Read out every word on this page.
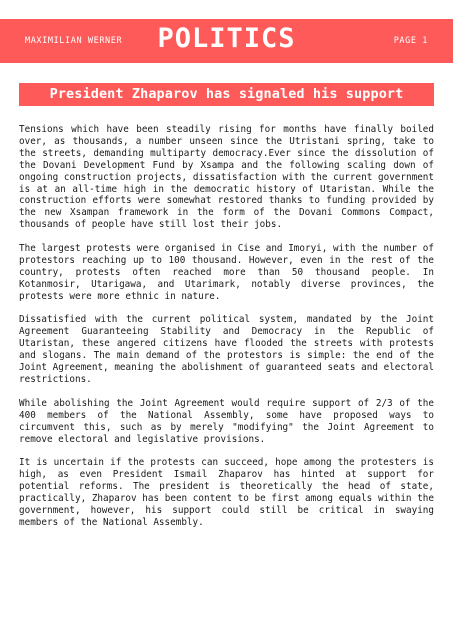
MAXIMILIAN WERNER	POLITICS	PAGE 1
President Zhaparov has signaled his support

Tensions which have been steadily rising for months have finally boiled over, as thousands, a number unseen since the Utristani spring, take to the streets, demanding multiparty democracy.Ever since the dissolution of the Dovani Development Fund by Xsampa and the following scaling down of ongoing construction projects, dissatisfaction with the current government is at an all-time high in the democratic history of Utaristan. While the construction efforts were somewhat restored thanks to funding provided by the new Xsampan framework in the form of the Dovani Commons Compact, thousands of people have still lost their jobs.

The largest protests were organised in Cise and Imoryi, with the number of protestors reaching up to 100 thousand. However, even in the rest of the country, protests often reached more than 50 thousand people. In Kotanmosir, Utarigawa, and Utarimark, notably diverse provinces, the protests were more ethnic in nature.

Dissatisfied with the current political system, mandated by the Joint Agreement Guaranteeing Stability and Democracy in the Republic of Utaristan, these angered citizens have flooded the streets with protests and slogans. The main demand of the protestors is simple: the end of the Joint Agreement, meaning the abolishment of guaranteed seats and electoral restrictions.

While abolishing the Joint Agreement would require support of 2/3 of the 400 members of the National Assembly, some have proposed ways to circumvent this, such as by merely "modifying" the Joint Agreement to remove electoral and legislative provisions.

It is uncertain if the protests can succeed, hope among the protesters is high, as even President Ismail Zhaparov has hinted at support for potential reforms. The president is theoretically the head of state, practically, Zhaparov has been content to be first among equals within the government, however, his support could still be critical in swaying members of the National Assembly.
